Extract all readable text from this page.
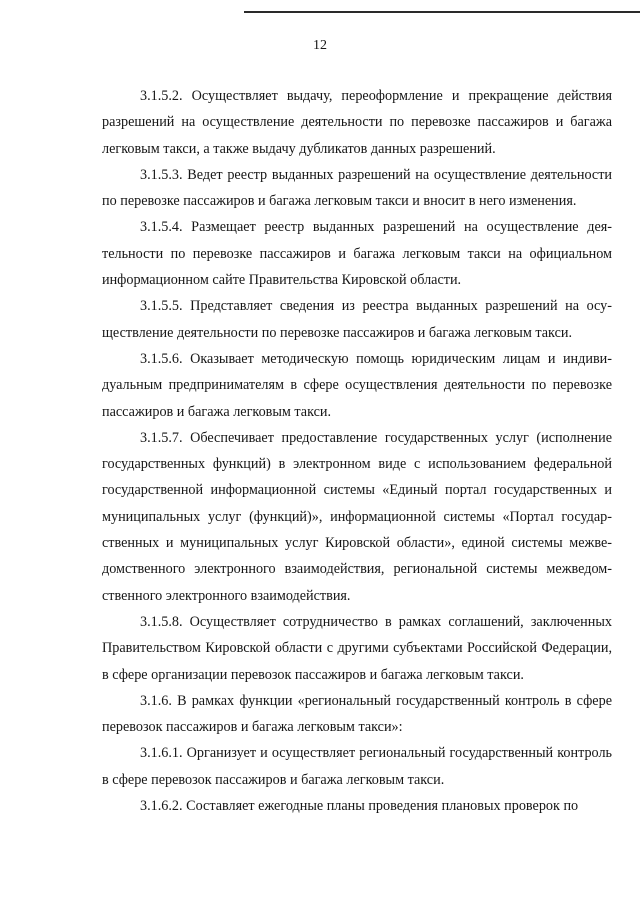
12

3.1.5.2. Осуществляет выдачу, переоформление и прекращение действия разрешений на осуществление деятельности по перевозке пассажиров и багажа легковым такси, а также выдачу дубликатов данных разрешений.

3.1.5.3. Ведет реестр выданных разрешений на осуществление деятельности по перевозке пассажиров и багажа легковым такси и вносит в него изменения.

3.1.5.4. Размещает реестр выданных разрешений на осуществление деятельности по перевозке пассажиров и багажа легковым такси на официальном информационном сайте Правительства Кировской области.

3.1.5.5. Представляет сведения из реестра выданных разрешений на осуществление деятельности по перевозке пассажиров и багажа легковым такси.

3.1.5.6. Оказывает методическую помощь юридическим лицам и индивидуальным предпринимателям в сфере осуществления деятельности по перевозке пассажиров и багажа легковым такси.

3.1.5.7. Обеспечивает предоставление государственных услуг (исполнение государственных функций) в электронном виде с использованием федеральной государственной информационной системы «Единый портал государственных и муниципальных услуг (функций)», информационной системы «Портал государственных и муниципальных услуг Кировской области», единой системы межведомственного электронного взаимодействия, региональной системы межведомственного электронного взаимодействия.

3.1.5.8. Осуществляет сотрудничество в рамках соглашений, заключенных Правительством Кировской области с другими субъектами Российской Федерации, в сфере организации перевозок пассажиров и багажа легковым такси.

3.1.6. В рамках функции «региональный государственный контроль в сфере перевозок пассажиров и багажа легковым такси»:

3.1.6.1. Организует и осуществляет региональный государственный контроль в сфере перевозок пассажиров и багажа легковым такси.

3.1.6.2. Составляет ежегодные планы проведения плановых проверок по
